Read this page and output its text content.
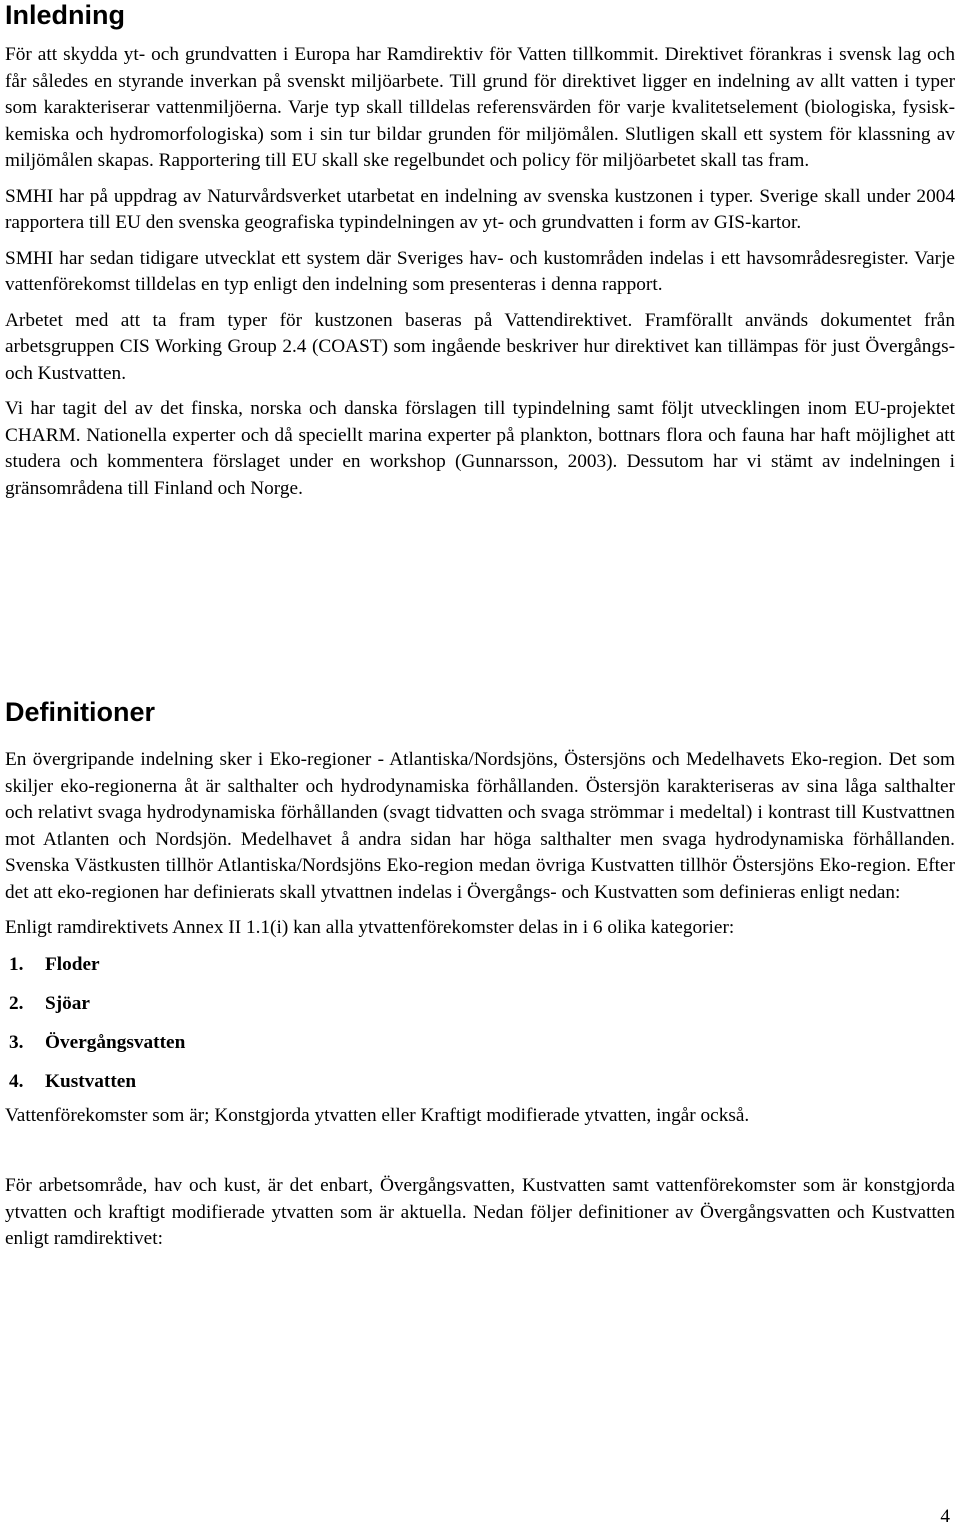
Inledning

För att skydda yt- och grundvatten i Europa har Ramdirektiv för Vatten tillkommit. Direktivet förankras i svensk lag och får således en styrande inverkan på svenskt miljöarbete. Till grund för direktivet ligger en indelning av allt vatten i typer som karakteriserar vattenmiljöerna. Varje typ skall tilldelas referensvärden för varje kvalitetselement (biologiska, fysisk-kemiska och hydromorfologiska) som i sin tur bildar grunden för miljömålen. Slutligen skall ett system för klassning av miljömålen skapas. Rapportering till EU skall ske regelbundet och policy för miljöarbetet skall tas fram.

SMHI har på uppdrag av Naturvårdsverket utarbetat en indelning av svenska kustzonen i typer. Sverige skall under 2004 rapportera till EU den svenska geografiska typindelningen av yt- och grundvatten i form av GIS-kartor.

SMHI har sedan tidigare utvecklat ett system där Sveriges hav- och kustområden indelas i ett havsområdesregister. Varje vattenförekomst tilldelas en typ enligt den indelning som presenteras i denna rapport.

Arbetet med att ta fram typer för kustzonen baseras på Vattendirektivet. Framförallt används dokumentet från arbetsgruppen CIS Working Group 2.4 (COAST) som ingående beskriver hur direktivet kan tillämpas för just Övergångs- och Kustvatten.

Vi har tagit del av det finska, norska och danska förslagen till typindelning samt följt utvecklingen inom EU-projektet CHARM. Nationella experter och då speciellt marina experter på plankton, bottnars flora och fauna har haft möjlighet att studera och kommentera förslaget under en workshop (Gunnarsson, 2003). Dessutom har vi stämt av indelningen i gränsområdena till Finland och Norge.

Definitioner

En övergripande indelning sker i Eko-regioner - Atlantiska/Nordsjöns, Östersjöns och Medelhavets Eko-region. Det som skiljer eko-regionerna åt är salthalter och hydrodynamiska förhållanden. Östersjön karakteriseras av sina låga salthalter och relativt svaga hydrodynamiska förhållanden (svagt tidvatten och svaga strömmar i medeltal) i kontrast till Kustvattnen mot Atlanten och Nordsjön. Medelhavet å andra sidan har höga salthalter men svaga hydrodynamiska förhållanden. Svenska Västkusten tillhör Atlantiska/Nordsjöns Eko-region medan övriga Kustvatten tillhör Östersjöns Eko-region. Efter det att eko-regionen har definierats skall ytvattnen indelas i Övergångs- och Kustvatten som definieras enligt nedan:

Enligt ramdirektivets Annex II 1.1(i) kan alla ytvattenförekomster delas in i 6 olika kategorier:

1. Floder
2. Sjöar
3. Övergångsvatten
4. Kustvatten

Vattenförekomster som är; Konstgjorda ytvatten eller Kraftigt modifierade ytvatten, ingår också.

För arbetsområde, hav och kust, är det enbart, Övergångsvatten, Kustvatten samt vattenförekomster som är konstgjorda ytvatten och kraftigt modifierade ytvatten som är aktuella. Nedan följer definitioner av Övergångsvatten och Kustvatten enligt ramdirektivet:

4
